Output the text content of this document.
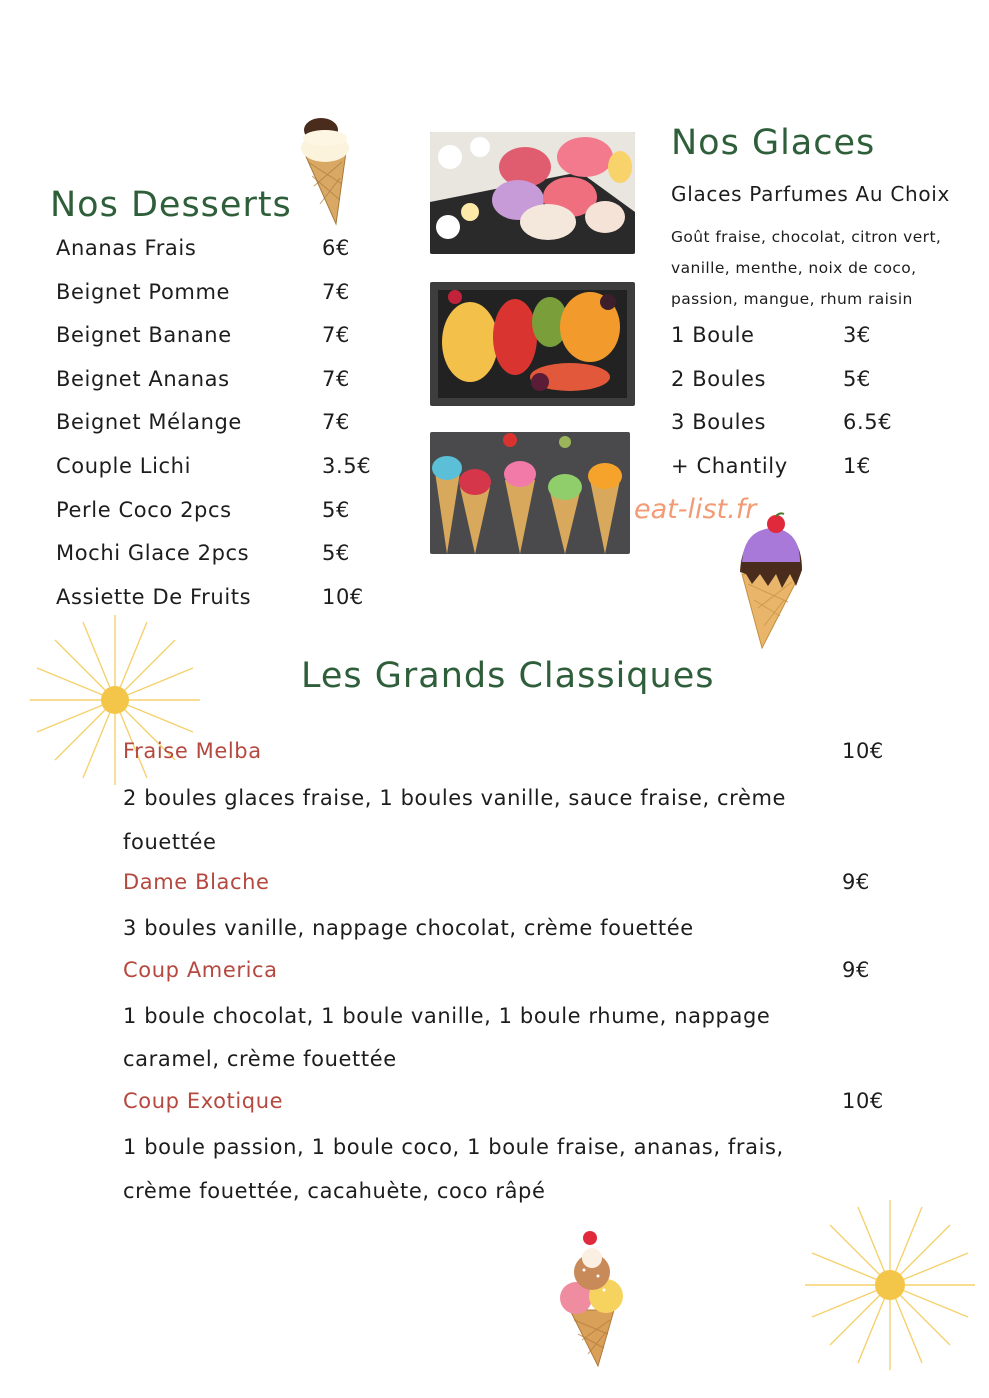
Nos Desserts
Ananas Frais	6€
Beignet Pomme	7€
Beignet Banane	7€
Beignet Ananas	7€
Beignet Mélange	7€
Couple Lichi	3.5€
Perle Coco 2pcs	5€
Mochi Glace 2pcs	5€
Assiette De Fruits	10€
Nos Glaces
Glaces Parfumes Au Choix
Goût fraise, chocolat, citron vert,
vanille, menthe, noix de coco,
passion, mangue, rhum raisin
1 Boule	3€
2 Boules	5€
3 Boules	6.5€
+ Chantily	1€
eat-list.fr
Les Grands Classiques
Fraise Melba	10€
2 boules glaces fraise, 1 boules vanille, sauce fraise, crème
fouettée
Dame Blache	9€
3 boules vanille, nappage chocolat, crème fouettée
Coup America	9€
1 boule chocolat, 1 boule vanille, 1 boule rhume, nappage
caramel, crème fouettée
Coup Exotique	10€
1 boule passion, 1 boule coco, 1 boule fraise, ananas, frais,
crème fouettée, cacahuète, coco râpé
